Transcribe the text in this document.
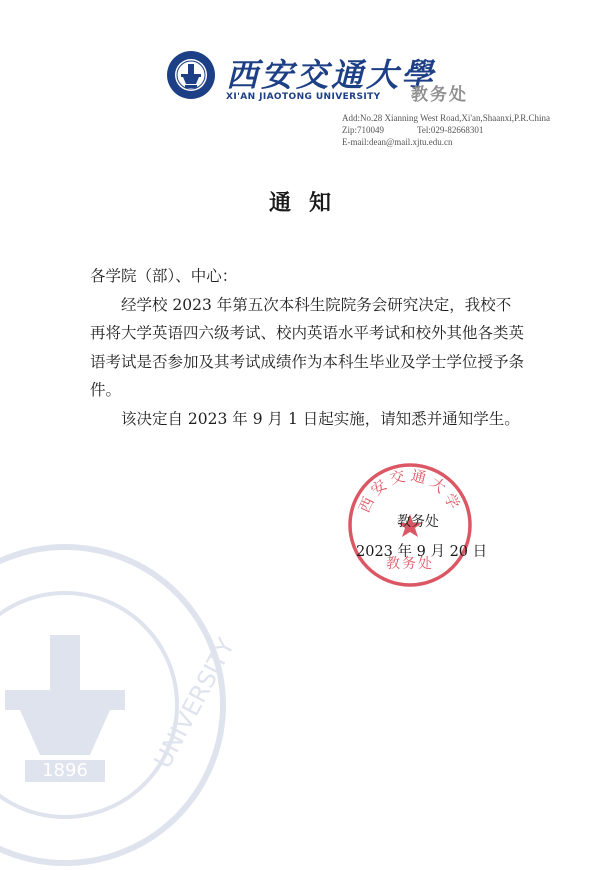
1896	UNIVERSITY
西安交通大學
XI'AN JIAOTONG UNIVERSITY 教务处
Add:No.28 Xianning West Road,Xi'an,Shaanxi,P.R.China
Zip:710049	Tel:029-82668301
E-mail:dean@mail.xjtu.edu.cn
通知

各学院（部）、中心：

经学校 2023 年第五次本科生院院务会研究决定，我校不再将大学英语四六级考试、校内英语水平考试和校外其他各类英语考试是否参加及其考试成绩作为本科生毕业及学士学位授予条件。

该决定自 2023 年 9 月 1 日起实施，请知悉并通知学生。

西安交通大学
教务处
教务处
2023 年 9 月 20 日
